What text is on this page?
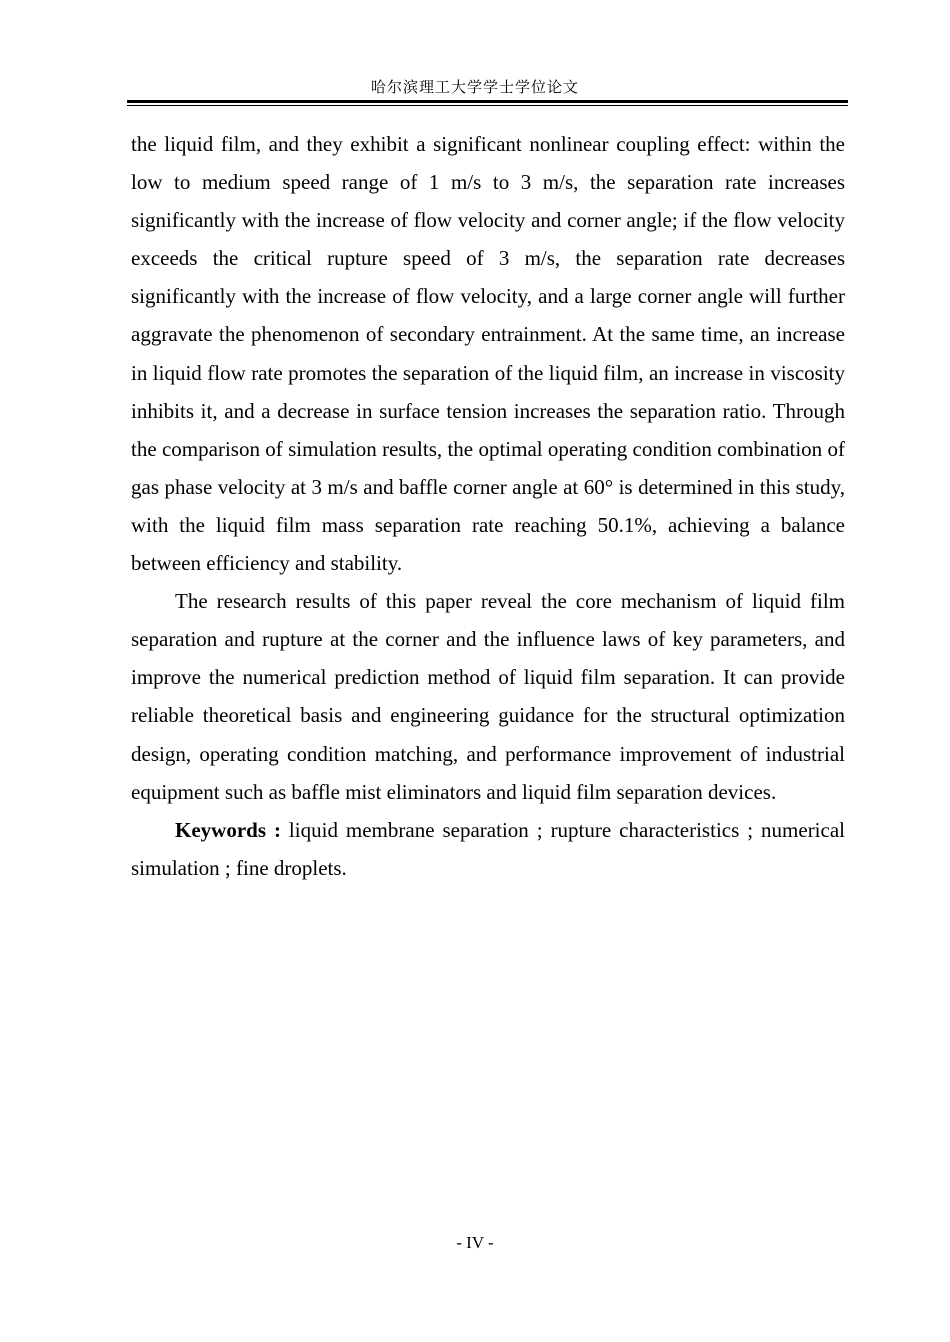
哈尔滨理工大学学士学位论文

the liquid film, and they exhibit a significant nonlinear coupling effect: within the low to medium speed range of 1 m/s to 3 m/s, the separation rate increases significantly with the increase of flow velocity and corner angle; if the flow velocity exceeds the critical rupture speed of 3 m/s, the separation rate decreases significantly with the increase of flow velocity, and a large corner angle will further aggravate the phenomenon of secondary entrainment. At the same time, an increase in liquid flow rate promotes the separation of the liquid film, an increase in viscosity inhibits it, and a decrease in surface tension increases the separation ratio. Through the comparison of simulation results, the optimal operating condition combination of gas phase velocity at 3 m/s and baffle corner angle at 60° is determined in this study, with the liquid film mass separation rate reaching 50.1%, achieving a balance between efficiency and stability.

The research results of this paper reveal the core mechanism of liquid film separation and rupture at the corner and the influence laws of key parameters, and improve the numerical prediction method of liquid film separation. It can provide reliable theoretical basis and engineering guidance for the structural optimization design, operating condition matching, and performance improvement of industrial equipment such as baffle mist eliminators and liquid film separation devices.

Keywords : liquid membrane separation ; rupture characteristics ; numerical simulation ; fine droplets.

- IV -
